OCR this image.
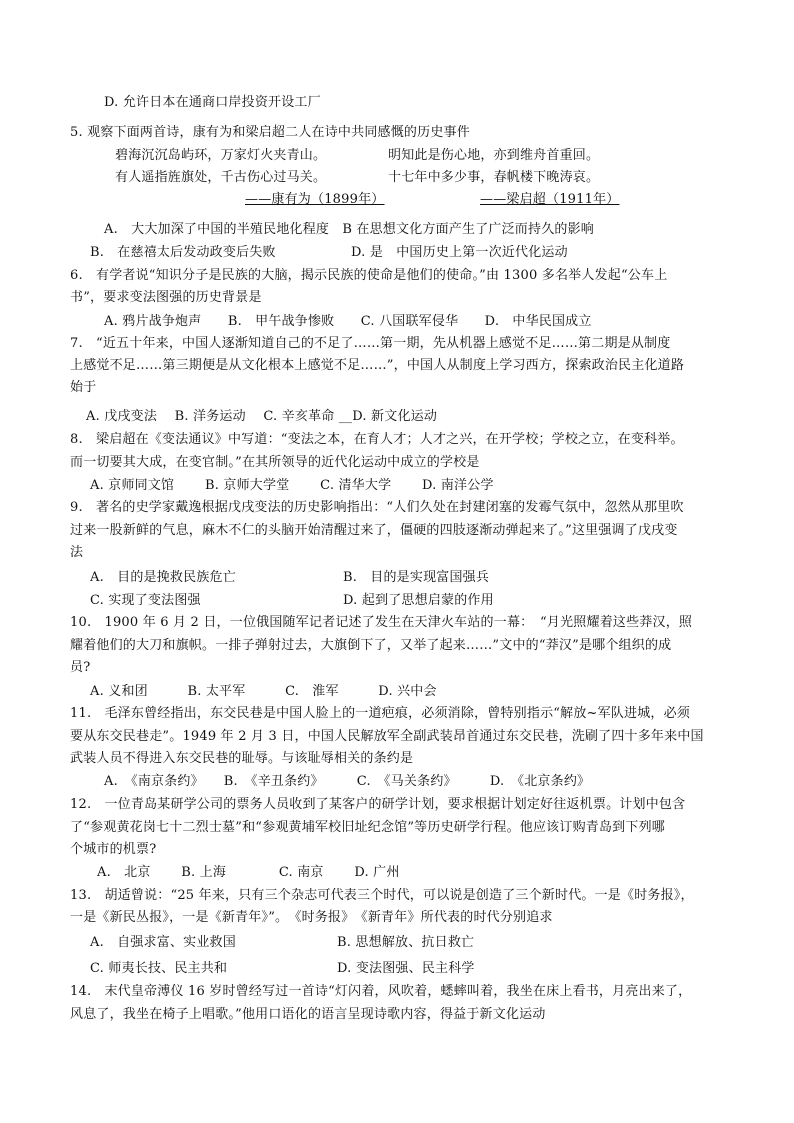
D. 允许日本在通商口岸投资开设工厂
5. 观察下面两首诗，康有为和梁启超二人在诗中共同感慨的历史事件
碧海沉沉岛屿环，万家灯火夹青山。	明知此是伤心地，亦到维舟首重回。
有人遥指旌旗处，千古伤心过马关。	十七年中多少事，春帆楼下晚涛哀。
——康有为（1899年）	——梁启超（1911年）
A.　大大加深了中国的半殖民地化程度　B 在思想文化方面产生了广泛而持久的影响
B.　在慈禧太后发动政变后失败	D. 是　中国历史上第一次近代化运动
6.　有学者说“知识分子是民族的大脑，揭示民族的使命是他们的使命。”由 1300 多名举人发起“公车上
书”，要求变法图强的历史背景是
A. 鸦片战争炮声　　B.　甲午战争惨败　　C. 八国联军侵华　　D.　中华民国成立
7.　“近五十年来，中国人逐渐知道自己的不足了……第一期，先从机器上感觉不足……第二期是从制度
上感觉不足……第三期便是从文化根本上感觉不足……”，中国人从制度上学习西方，探索政治民主化道路
始于
A. 戊戌变法　 B. 洋务运动　 C. 辛亥革命 __D. 新文化运动
8.　梁启超在《变法通议》中写道：“变法之本，在育人才；人才之兴，在开学校；学校之立，在变科举。
而一切要其大成，在变官制。”在其所领导的近代化运动中成立的学校是
A. 京师同文馆　　 B. 京师大学堂　　 C. 清华大学　　 D. 南洋公学
9.　著名的史学家戴逸根据戊戌变法的历史影响指出：“人们久处在封建闭塞的发霉气氛中，忽然从那里吹
过来一股新鲜的气息，麻木不仁的头脑开始清醒过来了，僵硬的四肢逐渐动弹起来了。”这里强调了戊戌变
法
A.　目的是挽救民族危亡	B.　目的是实现富国强兵
C. 实现了变法图强	D. 起到了思想启蒙的作用
10.　1900 年 6 月 2 日，一位俄国随军记者记述了发生在天津火车站的一幕：　“月光照耀着这些莽汉，照
耀着他们的大刀和旗帜。一排子弹射过去，大旗倒下了，又举了起来……”文中的“莽汉”是哪个组织的成
员?
A. 义和团　　　B. 太平军　　　C.　淮军　　　D. 兴中会
11.　毛泽东曾经指出，东交民巷是中国人脸上的一道疤痕，必须消除，曾特别指示“解放~军队进城，必须
要从东交民巷走”。1949 年 2 月 3 日，中国人民解放军全副武装昂首通过东交民巷，洗刷了四十多年来中国
武装人员不得进入东交民巷的耻辱。与该耻辱相关的条约是
A.　《南京条约》　　B.　《辛丑条约》　　　C.　《马关条约》　　　D.　《北京条约》
12.　一位青岛某研学公司的票务人员收到了某客户的研学计划，要求根据计划定好往返机票。计划中包含
了“参观黄花岗七十二烈士墓”和“参观黄埔军校旧址纪念馆”等历史研学行程。他应该订购青岛到下列哪
个城市的机票?
A.　北京　　 B. 上海　　　　C. 南京　　 D. 广州
13.　胡适曾说：“25 年来，只有三个杂志可代表三个时代，可以说是创造了三个新时代。一是《时务报》，
一是《新民丛报》，一是《新青年》”。　《时务报》　《新青年》所代表的时代分别追求
A.　自强求富、实业救国	B. 思想解放、抗日救亡
C. 师夷长技、民主共和	D. 变法图强、民主科学
14.　末代皇帝溥仪 16 岁时曾经写过一首诗“灯闪着，风吹着，蟋蟀叫着，我坐在床上看书，月亮出来了，
风息了，我坐在椅子上唱歌。”他用口语化的语言呈现诗歌内容，得益于新文化运动
